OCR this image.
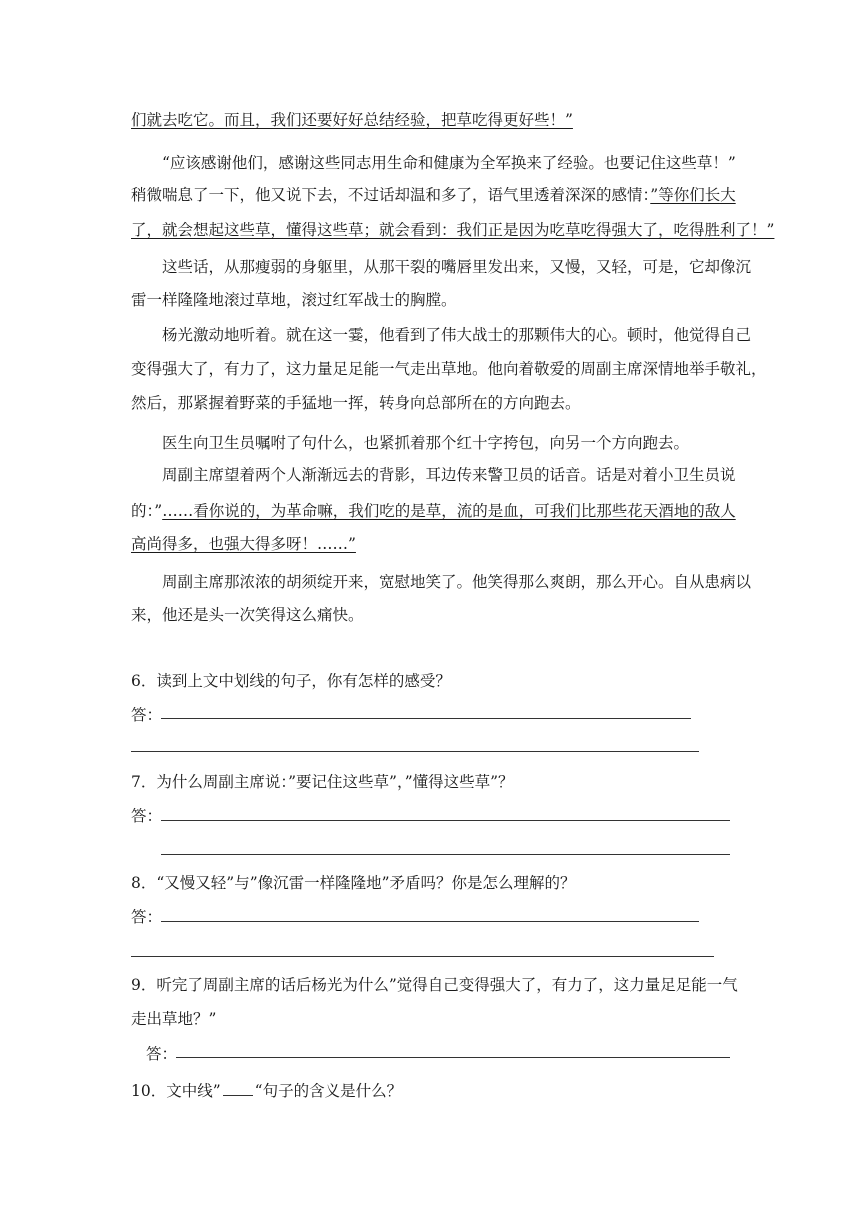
们就去吃它。而且，我们还要好好总结经验，把草吃得更好些！”
“应该感谢他们，感谢这些同志用生命和健康为全军换来了经验。也要记住这些草！”
稍微喘息了一下，他又说下去，不过话却温和多了，语气里透着深深的感情：”等你们长大
了，就会想起这些草，懂得这些草；就会看到：我们正是因为吃草吃得强大了，吃得胜利了！”
这些话，从那瘦弱的身躯里，从那干裂的嘴唇里发出来，又慢，又轻，可是，它却像沉
雷一样隆隆地滚过草地，滚过红军战士的胸膛。
杨光激动地听着。就在这一霎，他看到了伟大战士的那颗伟大的心。顿时，他觉得自己
变得强大了，有力了，这力量足足能一气走出草地。他向着敬爱的周副主席深情地举手敬礼，
然后，那紧握着野菜的手猛地一挥，转身向总部所在的方向跑去。
医生向卫生员嘱咐了句什么，也紧抓着那个红十字挎包，向另一个方向跑去。
周副主席望着两个人渐渐远去的背影，耳边传来警卫员的话音。话是对着小卫生员说
的：”……看你说的，为革命嘛，我们吃的是草，流的是血，可我们比那些花天酒地的敌人
高尚得多，也强大得多呀！……”
周副主席那浓浓的胡须绽开来，宽慰地笑了。他笑得那么爽朗，那么开心。自从患病以
来，他还是头一次笑得这么痛快。
6．读到上文中划线的句子，你有怎样的感受？
答：
7．为什么周副主席说：”要记住这些草”，”懂得这些草”？
答：
8．“又慢又轻”与”像沉雷一样隆隆地”矛盾吗？你是怎么理解的？
答：
9．听完了周副主席的话后杨光为什么”觉得自己变得强大了，有力了，这力量足足能一气
走出草地？”
答：
10．文中线” “句子的含义是什么？
